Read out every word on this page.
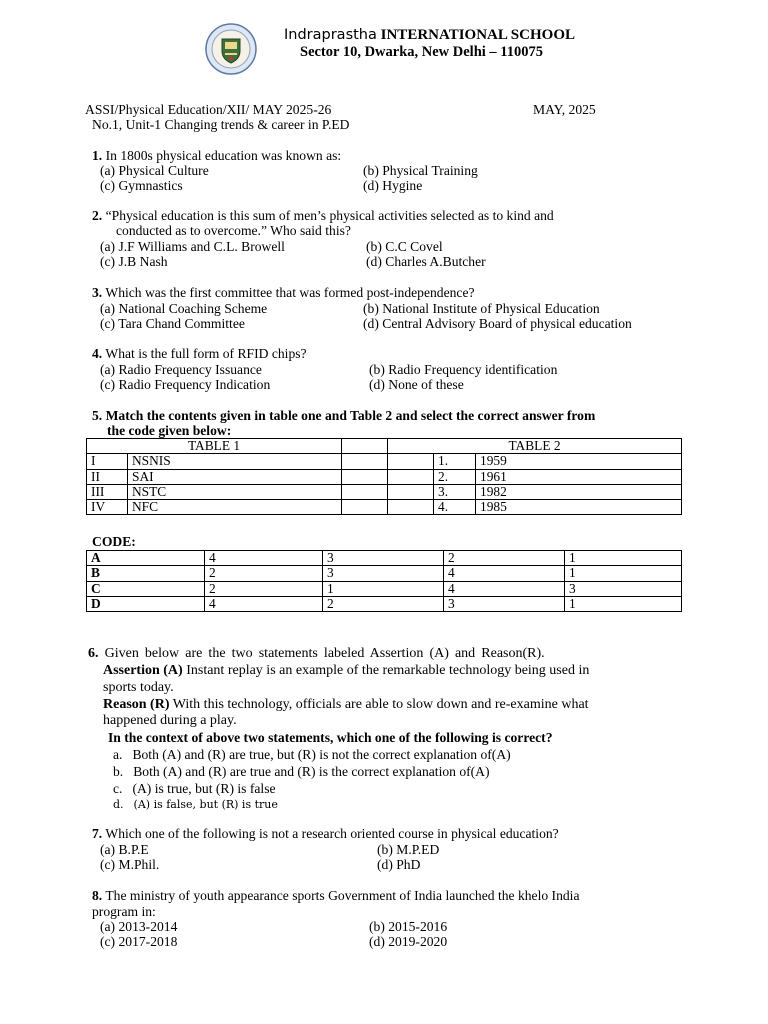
Indraprastha INTERNATIONAL SCHOOL
Sector 10, Dwarka, New Delhi – 110075
ASSI/Physical Education/XII/ MAY 2025-26	MAY, 2025
No.1, Unit-1 Changing trends & career in P.ED
1. In 1800s physical education was known as:
(a) Physical Culture	(b) Physical Training
(c) Gymnastics	(d) Hygine
2. “Physical education is this sum of men’s physical activities selected as to kind and
conducted as to overcome.” Who said this?
(a) J.F Williams and C.L. Browell	(b) C.C Covel
(c) J.B Nash	(d) Charles A.Butcher
3. Which was the first committee that was formed post-independence?
(a) National Coaching Scheme	(b) National Institute of Physical Education
(c) Tara Chand Committee	(d) Central Advisory Board of physical education
4. What is the full form of RFID chips?
(a) Radio Frequency Issuance	(b) Radio Frequency identification
(c) Radio Frequency Indication	(d) None of these
5. Match the contents given in table one and Table 2 and select the correct answer from
the code given below:
TABLE 1			TABLE 2		
I	NSNIS			1.	1959
II	SAI			2.	1961
III	NSTC			3.	1982
IV	NFC			4.	1985
CODE:
A	4	3	2	1
B	2	3	4	1
C	2	1	4	3
D	4	2	3	1
6. Given below are the two statements labeled Assertion (A) and Reason(R).
Assertion (A) Instant replay is an example of the remarkable technology being used in
sports today.
Reason (R) With this technology, officials are able to slow down and re-examine what
happened during a play.
In the context of above two statements, which one of the following is correct?
a. Both (A) and (R) are true, but (R) is not the correct explanation of(A)
b. Both (A) and (R) are true and (R) is the correct explanation of(A)
c. (A) is true, but (R) is false
d. (A) is false, but (R) is true
7. Which one of the following is not a research oriented course in physical education?
(a) B.P.E	(b) M.P.ED
(c) M.Phil.	(d) PhD
8. The ministry of youth appearance sports Government of India launched the khelo India
program in:
(a) 2013-2014	(b) 2015-2016
(c) 2017-2018	(d) 2019-2020
